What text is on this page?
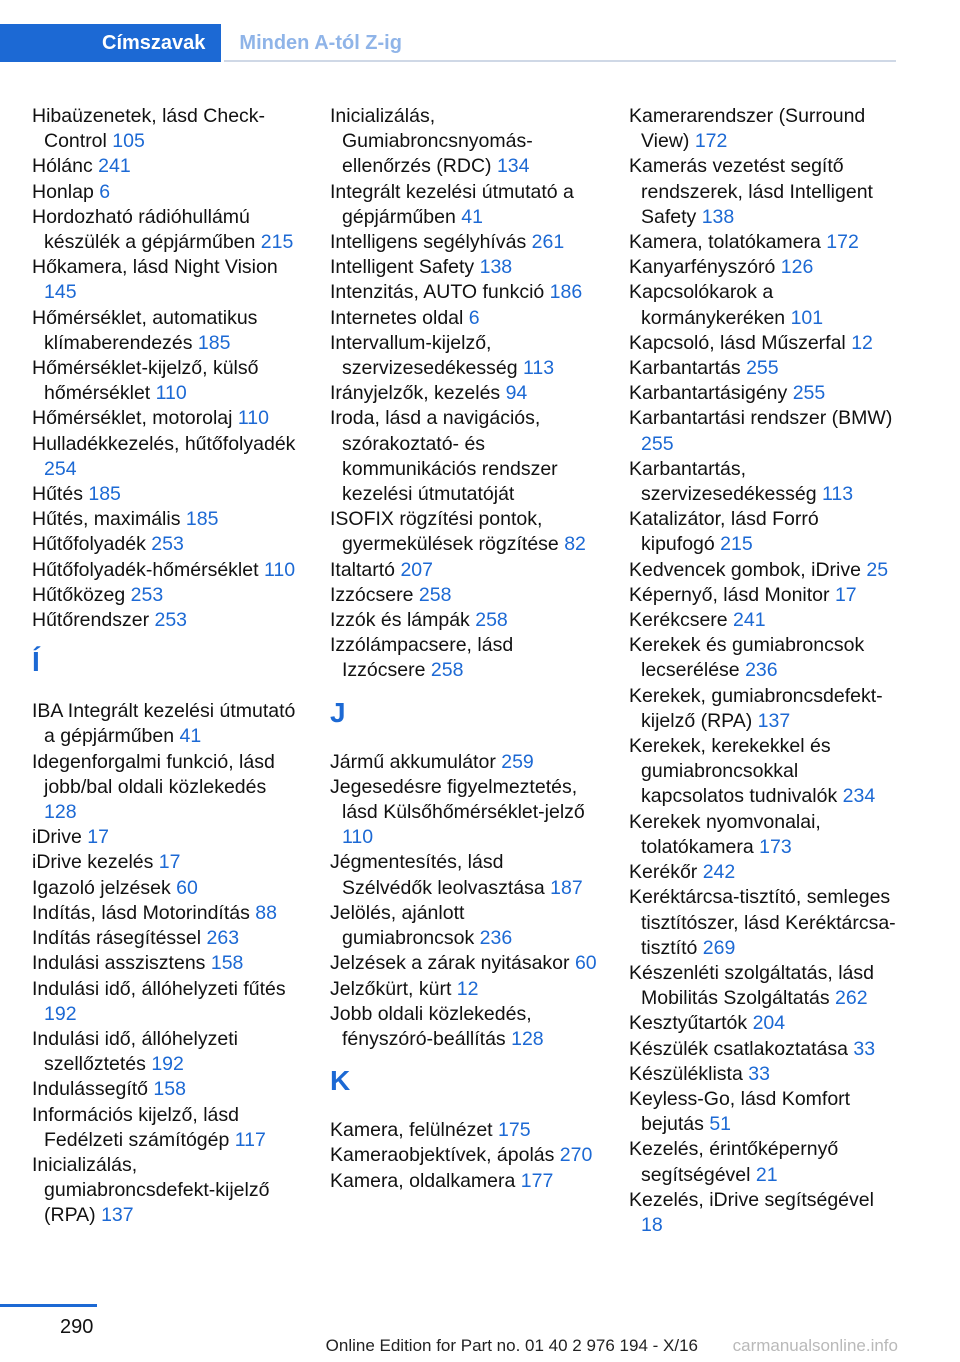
Címszavak	Minden A-tól Z-ig
Hibaüzenetek, lásd Check-Control 105
Hólánc 241
Honlap 6
Hordozható rádióhullámú készülék a gépjárműben 215
Hőkamera, lásd Night Vision 145
Hőmérséklet, automatikus klímaberendezés 185
Hőmérséklet-kijelző, külső hőmérséklet 110
Hőmérséklet, motorolaj 110
Hulladékkezelés, hűtőfolyadék 254
Hűtés 185
Hűtés, maximális 185
Hűtőfolyadék 253
Hűtőfolyadék-hőmérséklet 110
Hűtőközeg 253
Hűtőrendszer 253
Í
IBA Integrált kezelési útmutató a gépjárműben 41
Idegenforgalmi funkció, lásd jobb/bal oldali közlekedés 128
iDrive 17
iDrive kezelés 17
Igazoló jelzések 60
Indítás, lásd Motorindítás 88
Indítás rásegítéssel 263
Indulási asszisztens 158
Indulási idő, állóhelyzeti fűtés 192
Indulási idő, állóhelyzeti szellőztetés 192
Indulássegítő 158
Információs kijelző, lásd Fedélzeti számítógép 117
Inicializálás, gumiabroncsdefekt-kijelző (RPA) 137
Inicializálás, Gumiabroncsnyomás-ellenőrzés (RDC) 134
Integrált kezelési útmutató a gépjárműben 41
Intelligens segélyhívás 261
Intelligent Safety 138
Intenzitás, AUTO funkció 186
Internetes oldal 6
Intervallum-kijelző, szervizesedékesség 113
Irányjelzők, kezelés 94
Iroda, lásd a navigációs, szórakoztató- és kommunikációs rendszer kezelési útmutatóját
ISOFIX rögzítési pontok, gyermekülések rögzítése 82
Italtartó 207
Izzócsere 258
Izzók és lámpák 258
Izzólámpacsere, lásd Izzócsere 258
J
Jármű akkumulátor 259
Jegesedésre figyelmeztetés, lásd Külsőhőmérséklet-jelző 110
Jégmentesítés, lásd Szélvédők leolvasztása 187
Jelölés, ajánlott gumiabroncsok 236
Jelzések a zárak nyitásakor 60
Jelzőkürt, kürt 12
Jobb oldali közlekedés, fényszóró-beállítás 128
K
Kamera, felülnézet 175
Kameraobjektívek, ápolás 270
Kamera, oldalkamera 177
Kamerarendszer (Surround View) 172
Kamerás vezetést segítő rendszerek, lásd Intelligent Safety 138
Kamera, tolatókamera 172
Kanyarfényszóró 126
Kapcsolókarok a kormánykeréken 101
Kapcsoló, lásd Műszerfal 12
Karbantartás 255
Karbantartásigény 255
Karbantartási rendszer (BMW) 255
Karbantartás, szervizesedékesség 113
Katalizátor, lásd Forró kipufogó 215
Kedvencek gombok, iDrive 25
Képernyő, lásd Monitor 17
Kerékcsere 241
Kerekek és gumiabroncsok lecserélése 236
Kerekek, gumiabroncsdefekt-kijelző (RPA) 137
Kerekek, kerekekkel és gumiabroncsokkal kapcsolatos tudnivalók 234
Kerekek nyomvonalai, tolatókamera 173
Kerékőr 242
Keréktárcsa-tisztító, semleges tisztítószer, lásd Keréktárcsa-tisztító 269
Készenléti szolgáltatás, lásd Mobilitás Szolgáltatás 262
Kesztyűtartók 204
Készülék csatlakoztatása 33
Készüléklista 33
Keyless-Go, lásd Komfort bejutás 51
Kezelés, érintőképernyő segítségével 21
Kezelés, iDrive segítségével 18
290
Online Edition for Part no. 01 40 2 976 194 - X/16 carmanualsonline.info
